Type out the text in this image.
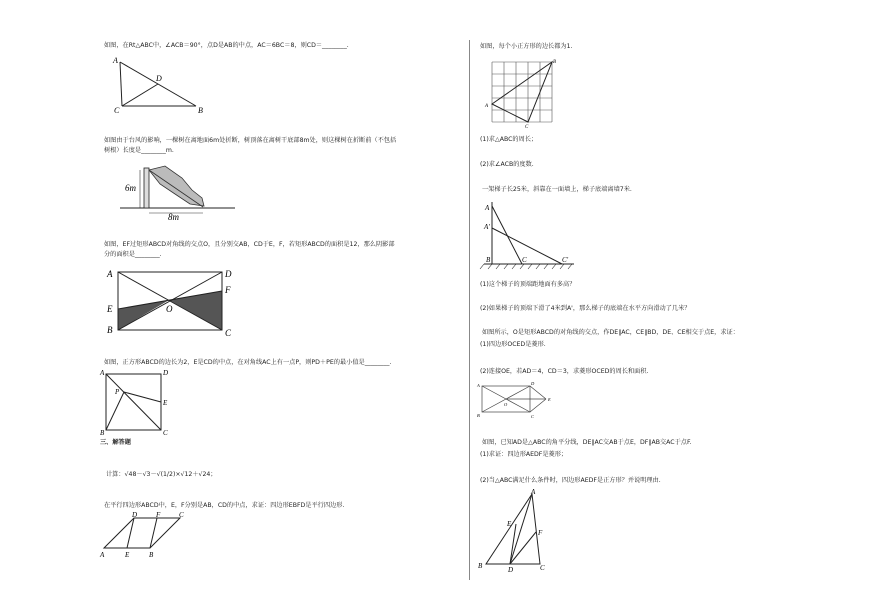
如图，在Rt△ABC中，∠ACB＝90°，点D是AB的中点，AC＝6BC＝8，则CD＝________.
A
C	B
D
如图由于台风的影响，一棵树在离地面6m处折断，树顶落在离树干底部8m处，则这棵树在折断前（不包括
树根）长度是________m.
6m
8m
如图，EF过矩形ABCD对角线的交点O，且分别交AB，CD于E，F，若矩形ABCD的面积是12，那么阴影部
分的面积是________.
A	D
E
F
O
B	C
如图，正方形ABCD的边长为2，E是CD的中点，在对角线AC上有一点P，则PD＋PE的最小值是________.
A	D
P
E
B	C
三、解答题
计算：√48－√3－√(1/2)×√12＋√24；
在平行四边形ABCD中，E，F分别是AB，CD的中点，求证：四边形EBFD是平行四边形.
D	F	C
A	E	B
如图，每个小正方形的边长都为1.
A
B
C
(1)求△ABC的周长；
(2)求∠ACB的度数.
一架梯子长25米，斜靠在一面墙上，梯子底端离墙7米.
A
A'
B	C	C'
(1)这个梯子的顶端距地面有多高？
(2)如果梯子的顶端下滑了4米到A'，那么梯子的底端在水平方向滑动了几米？
如图所示，O是矩形ABCD的对角线的交点，作DE∥AC，CE∥BD，DE、CE相交于点E，求证：
(1)四边形OCED是菱形.
(2)连接OE，若AD＝4，CD＝3，求菱形OCED的周长和面积.
A	D
E
O
B	C
如图，已知AD是△ABC的角平分线，DE∥AC交AB于点E，DF∥AB交AC于点F.
(1)求证：四边形AEDF是菱形；
(2)当△ABC满足什么条件时，四边形AEDF是正方形？并说明理由.
A
E
F
B	D	C
